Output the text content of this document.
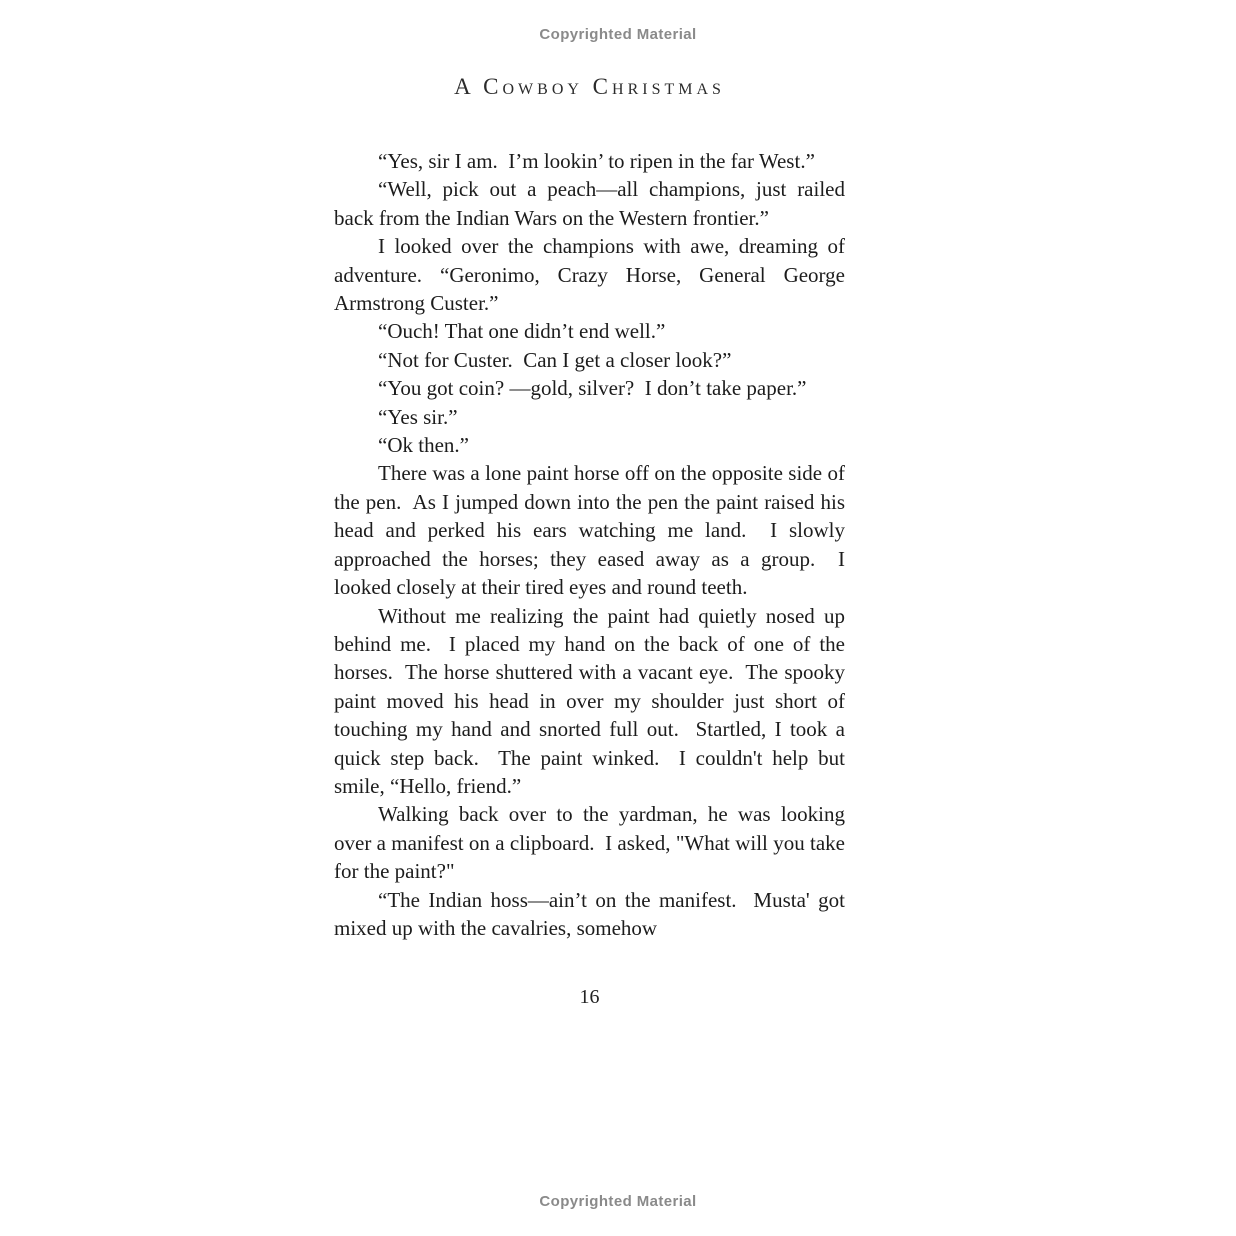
Copyrighted Material
A Cowboy Christmas

“Yes, sir I am.  I’m lookin’ to ripen in the far West.”

“Well, pick out a peach—all champions, just railed back from the Indian Wars on the Western frontier.”

I looked over the champions with awe, dreaming of adventure. “Geronimo, Crazy Horse, General George Armstrong Custer.”

“Ouch! That one didn’t end well.”

“Not for Custer.  Can I get a closer look?”

“You got coin? —gold, silver?  I don’t take paper.”

“Yes sir.”

“Ok then.”

There was a lone paint horse off on the opposite side of the pen.  As I jumped down into the pen the paint raised his head and perked his ears watching me land.  I slowly approached the horses; they eased away as a group.  I looked closely at their tired eyes and round teeth.

Without me realizing the paint had quietly nosed up behind me.  I placed my hand on the back of one of the horses.  The horse shuttered with a vacant eye.  The spooky paint moved his head in over my shoulder just short of touching my hand and snorted full out.  Startled, I took a quick step back.  The paint winked.  I couldn't help but smile, “Hello, friend.”

Walking back over to the yardman, he was looking over a manifest on a clipboard.  I asked, "What will you take for the paint?"

“The Indian hoss—ain’t on the manifest.  Musta' got mixed up with the cavalries, somehow

16
Copyrighted Material
